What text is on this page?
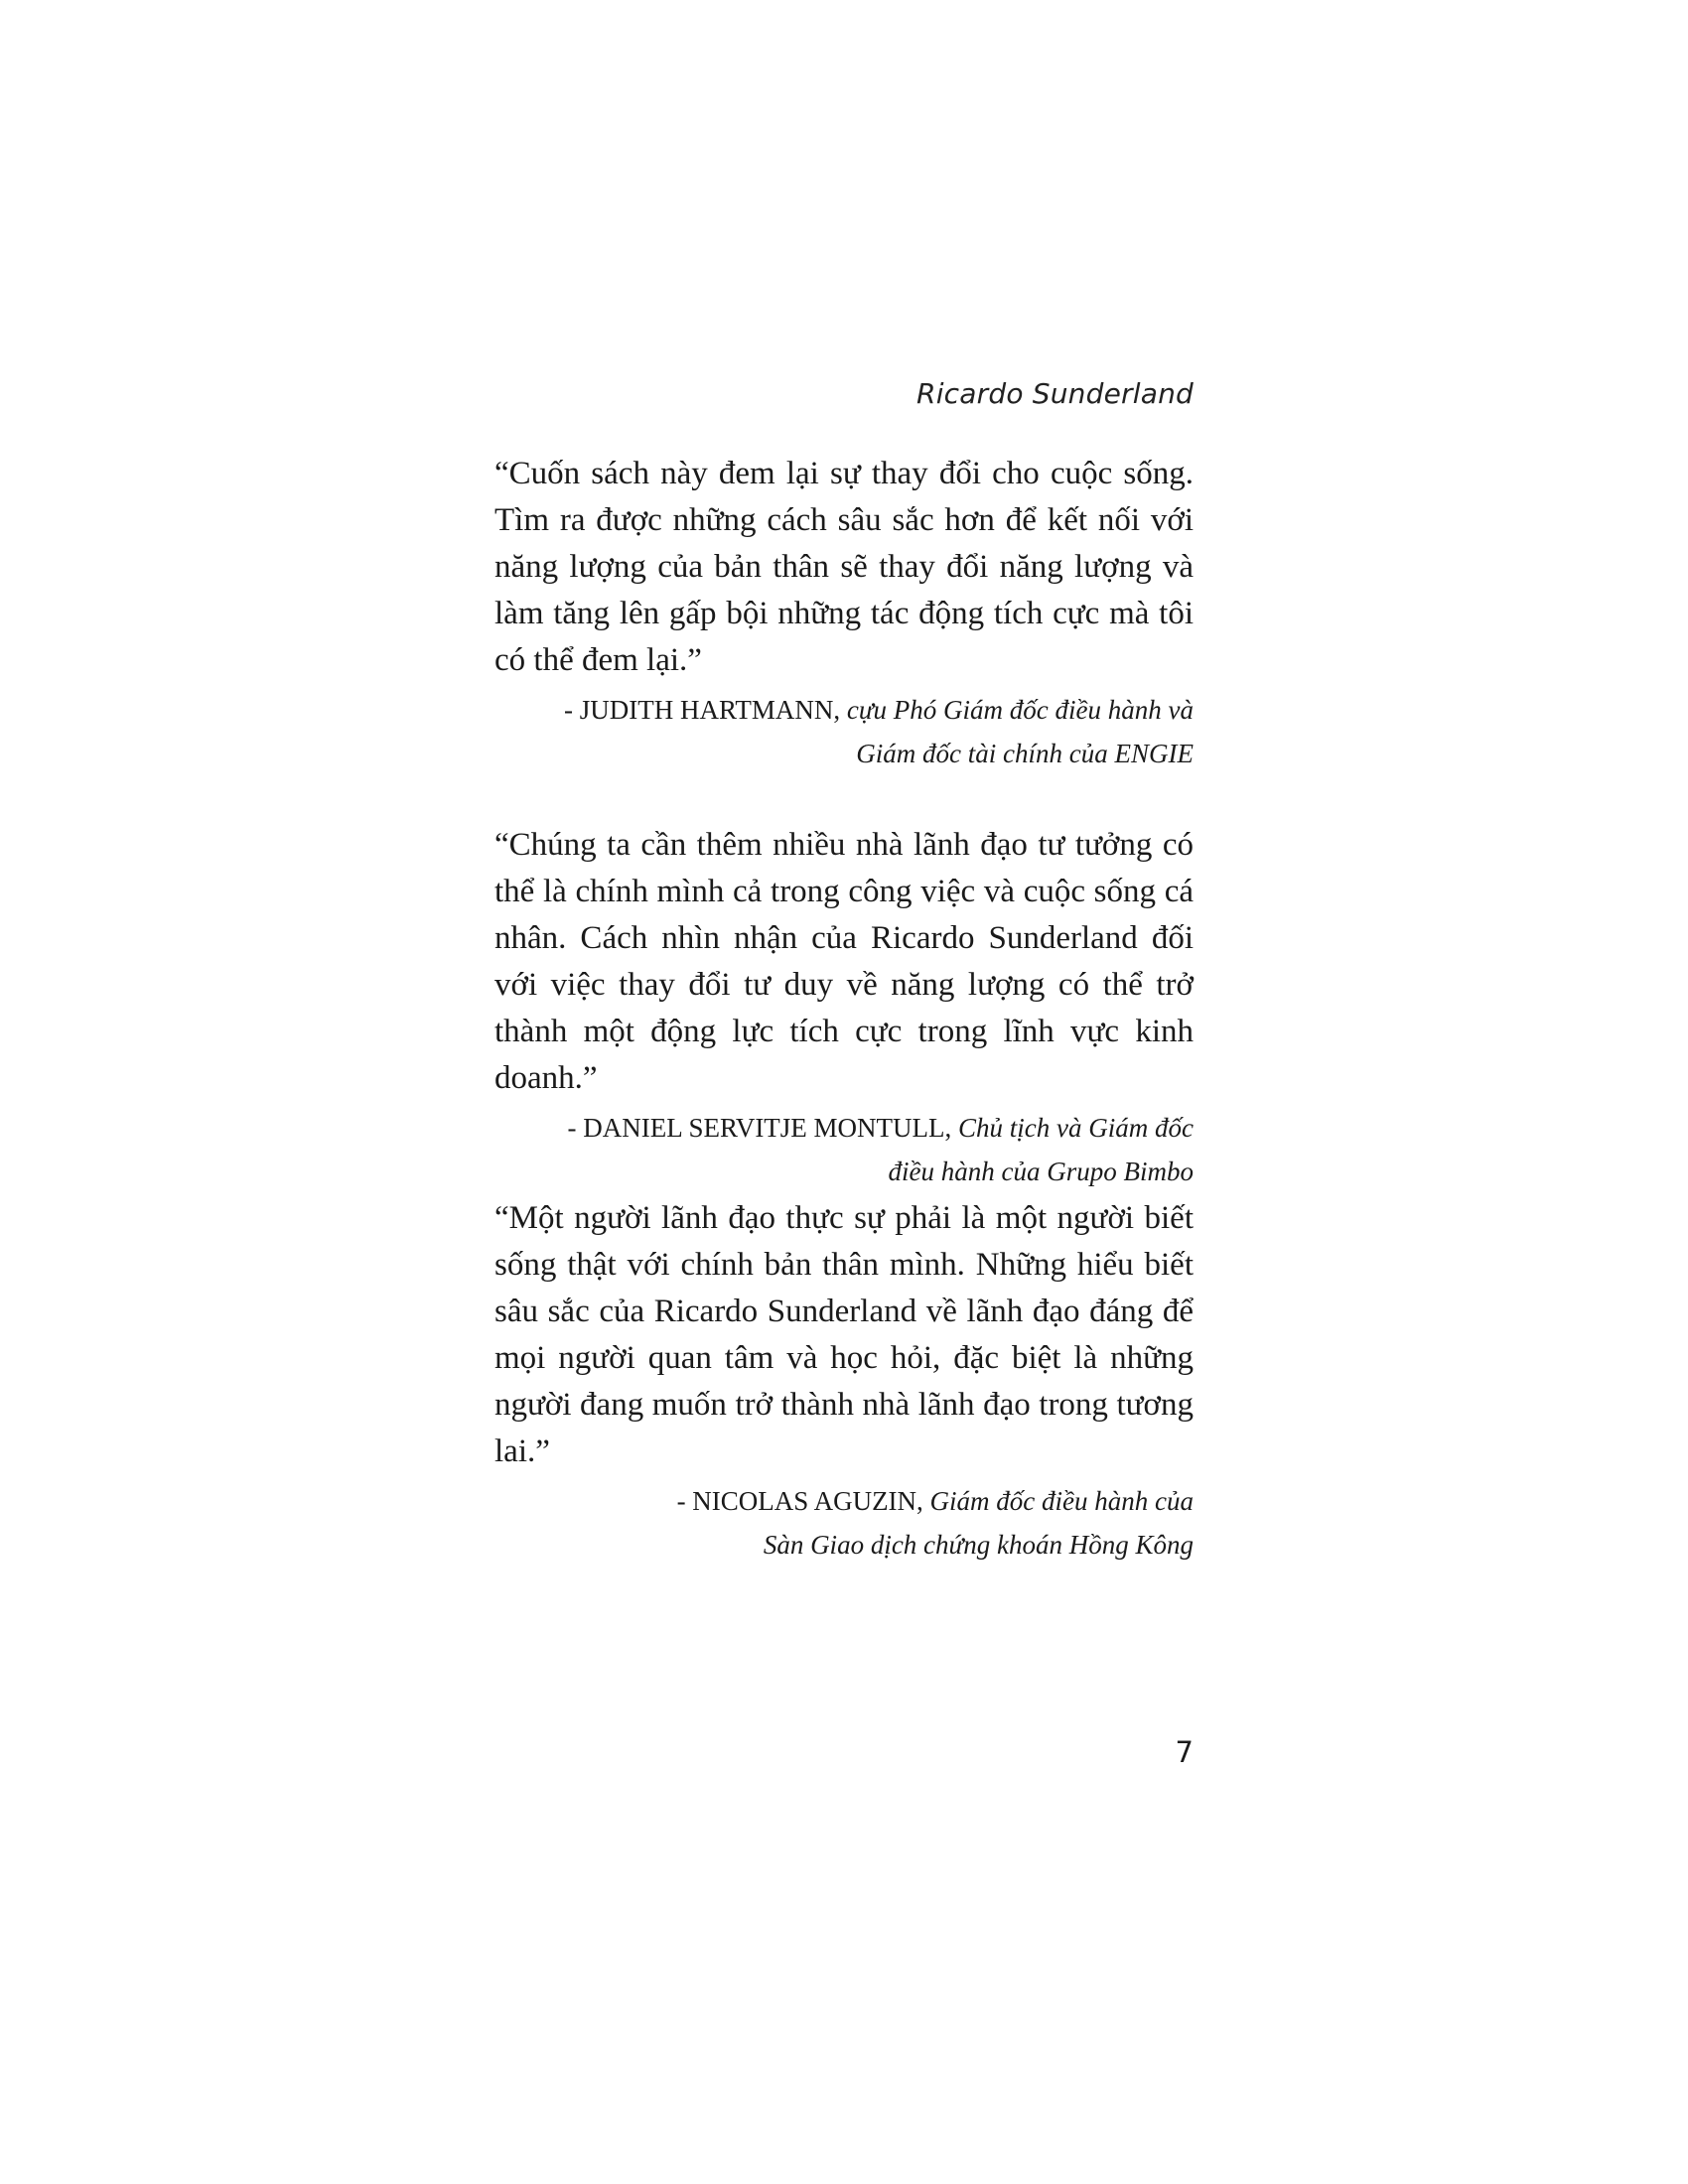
Ricardo Sunderland

“Cuốn sách này đem lại sự thay đổi cho cuộc sống. Tìm ra được những cách sâu sắc hơn để kết nối với năng lượng của bản thân sẽ thay đổi năng lượng và làm tăng lên gấp bội những tác động tích cực mà tôi có thể đem lại.”

- JUDITH HARTMANN, cựu Phó Giám đốc điều hành và
Giám đốc tài chính của ENGIE

“Chúng ta cần thêm nhiều nhà lãnh đạo tư tưởng có thể là chính mình cả trong công việc và cuộc sống cá nhân. Cách nhìn nhận của Ricardo Sunderland đối với việc thay đổi tư duy về năng lượng có thể trở thành một động lực tích cực trong lĩnh vực kinh doanh.”

- DANIEL SERVITJE MONTULL, Chủ tịch và Giám đốc
điều hành của Grupo Bimbo

“Một người lãnh đạo thực sự phải là một người biết sống thật với chính bản thân mình. Những hiểu biết sâu sắc của Ricardo Sunderland về lãnh đạo đáng để mọi người quan tâm và học hỏi, đặc biệt là những người đang muốn trở thành nhà lãnh đạo trong tương lai.”

- NICOLAS AGUZIN, Giám đốc điều hành của
Sàn Giao dịch chứng khoán Hồng Kông
7
